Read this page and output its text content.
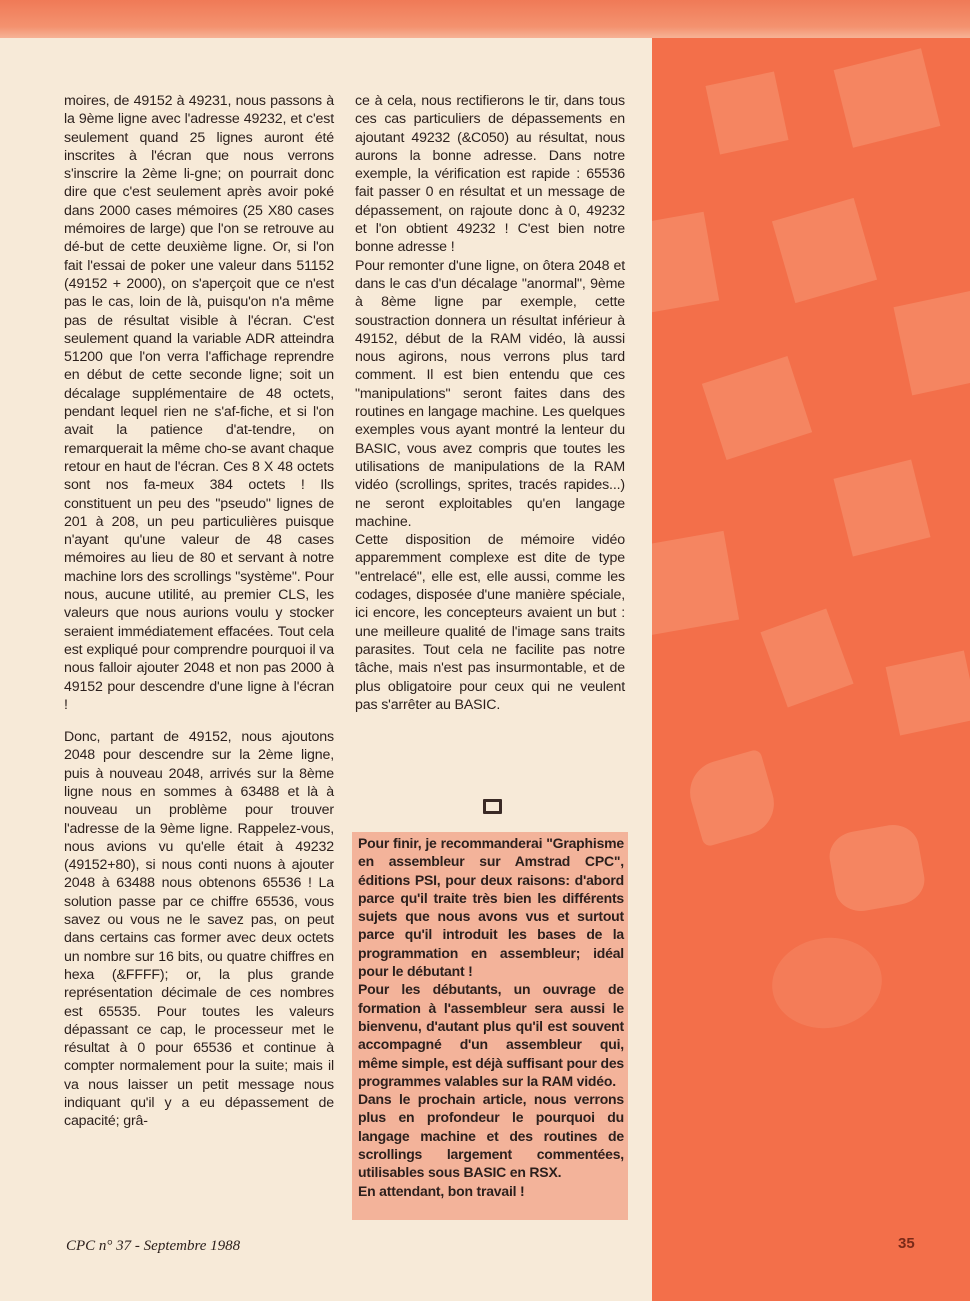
moires, de 49152 à 49231, nous passons à la 9ème ligne avec l'adresse 49232, et c'est seulement quand 25 lignes auront été inscrites à l'écran que nous verrons s'inscrire la 2ème li-gne; on pourrait donc dire que c'est seulement après avoir poké dans 2000 cases mémoires (25 X80 cases mémoires de large) que l'on se retrouve au dé-but de cette deuxième ligne. Or, si l'on fait l'essai de poker une valeur dans 51152 (49152 + 2000), on s'aperçoit que ce n'est pas le cas, loin de là, puisqu'on n'a même pas de résultat visible à l'écran. C'est seulement quand la variable ADR atteindra 51200 que l'on verra l'affichage reprendre en début de cette seconde ligne; soit un décalage supplémentaire de 48 octets, pendant lequel rien ne s'af-fiche, et si l'on avait la patience d'at-tendre, on remarquerait la même cho-se avant chaque retour en haut de l'écran. Ces 8 X 48 octets sont nos fa-meux 384 octets ! Ils constituent un peu des "pseudo" lignes de 201 à 208, un peu particulières puisque n'ayant qu'une valeur de 48 cases mémoires au lieu de 80 et servant à notre machine lors des scrollings "système". Pour nous, aucune utilité, au premier CLS, les valeurs que nous aurions voulu y stocker seraient immédiatement effacées. Tout cela est expliqué pour comprendre pourquoi il va nous falloir ajouter 2048 et non pas 2000 à 49152 pour descendre d'une ligne à l'écran !

Donc, partant de 49152, nous ajoutons 2048 pour descendre sur la 2ème ligne, puis à nouveau 2048, arrivés sur la 8ème ligne nous en sommes à 63488 et là à nouveau un problème pour trouver l'adresse de la 9ème ligne. Rappelez-vous, nous avions vu qu'elle était à 49232 (49152+80), si nous conti nuons à ajouter 2048 à 63488 nous obtenons 65536 ! La solution passe par ce chiffre 65536, vous savez ou vous ne le savez pas, on peut dans certains cas former avec deux octets un nombre sur 16 bits, ou quatre chiffres en hexa (&FFFF); or, la plus grande représentation décimale de ces nombres est 65535. Pour toutes les valeurs dépassant ce cap, le processeur met le résultat à 0 pour 65536 et continue à compter normalement pour la suite; mais il va nous laisser un petit message nous indiquant qu'il y a eu dépassement de capacité; grâ-

ce à cela, nous rectifierons le tir, dans tous ces cas particuliers de dépassements en ajoutant 49232 (&C050) au résultat, nous aurons la bonne adresse. Dans notre exemple, la vérification est rapide : 65536 fait passer 0 en résultat et un message de dépassement, on rajoute donc à 0, 49232 et l'on obtient 49232 ! C'est bien notre bonne adresse !

Pour remonter d'une ligne, on ôtera 2048 et dans le cas d'un décalage "anormal", 9ème à 8ème ligne par exemple, cette soustraction donnera un résultat inférieur à 49152, début de la RAM vidéo, là aussi nous agirons, nous verrons plus tard comment. Il est bien entendu que ces "manipulations" seront faites dans des routines en langage machine. Les quelques exemples vous ayant montré la lenteur du BASIC, vous avez compris que toutes les utilisations de manipulations de la RAM vidéo (scrollings, sprites, tracés rapides...) ne seront exploitables qu'en langage machine.

Cette disposition de mémoire vidéo apparemment complexe est dite de type "entrelacé", elle est, elle aussi, comme les codages, disposée d'une manière spéciale, ici encore, les concepteurs avaient un but : une meilleure qualité de l'image sans traits parasites. Tout cela ne facilite pas notre tâche, mais n'est pas insurmontable, et de plus obligatoire pour ceux qui ne veulent pas s'arrêter au BASIC.

Pour finir, je recommanderai "Graphisme en assembleur sur Amstrad CPC", éditions PSI, pour deux raisons: d'abord parce qu'il traite très bien les différents sujets que nous avons vus et surtout parce qu'il introduit les bases de la programmation en assembleur; idéal pour le débutant !

Pour les débutants, un ouvrage de formation à l'assembleur sera aussi le bienvenu, d'autant plus qu'il est souvent accompagné d'un assembleur qui, même simple, est déjà suffisant pour des programmes valables sur la RAM vidéo.

Dans le prochain article, nous verrons plus en profondeur le pourquoi du langage machine et des routines de scrollings largement commentées, utilisables sous BASIC en RSX.

En attendant, bon travail !

CPC n° 37 - Septembre 1988	35
